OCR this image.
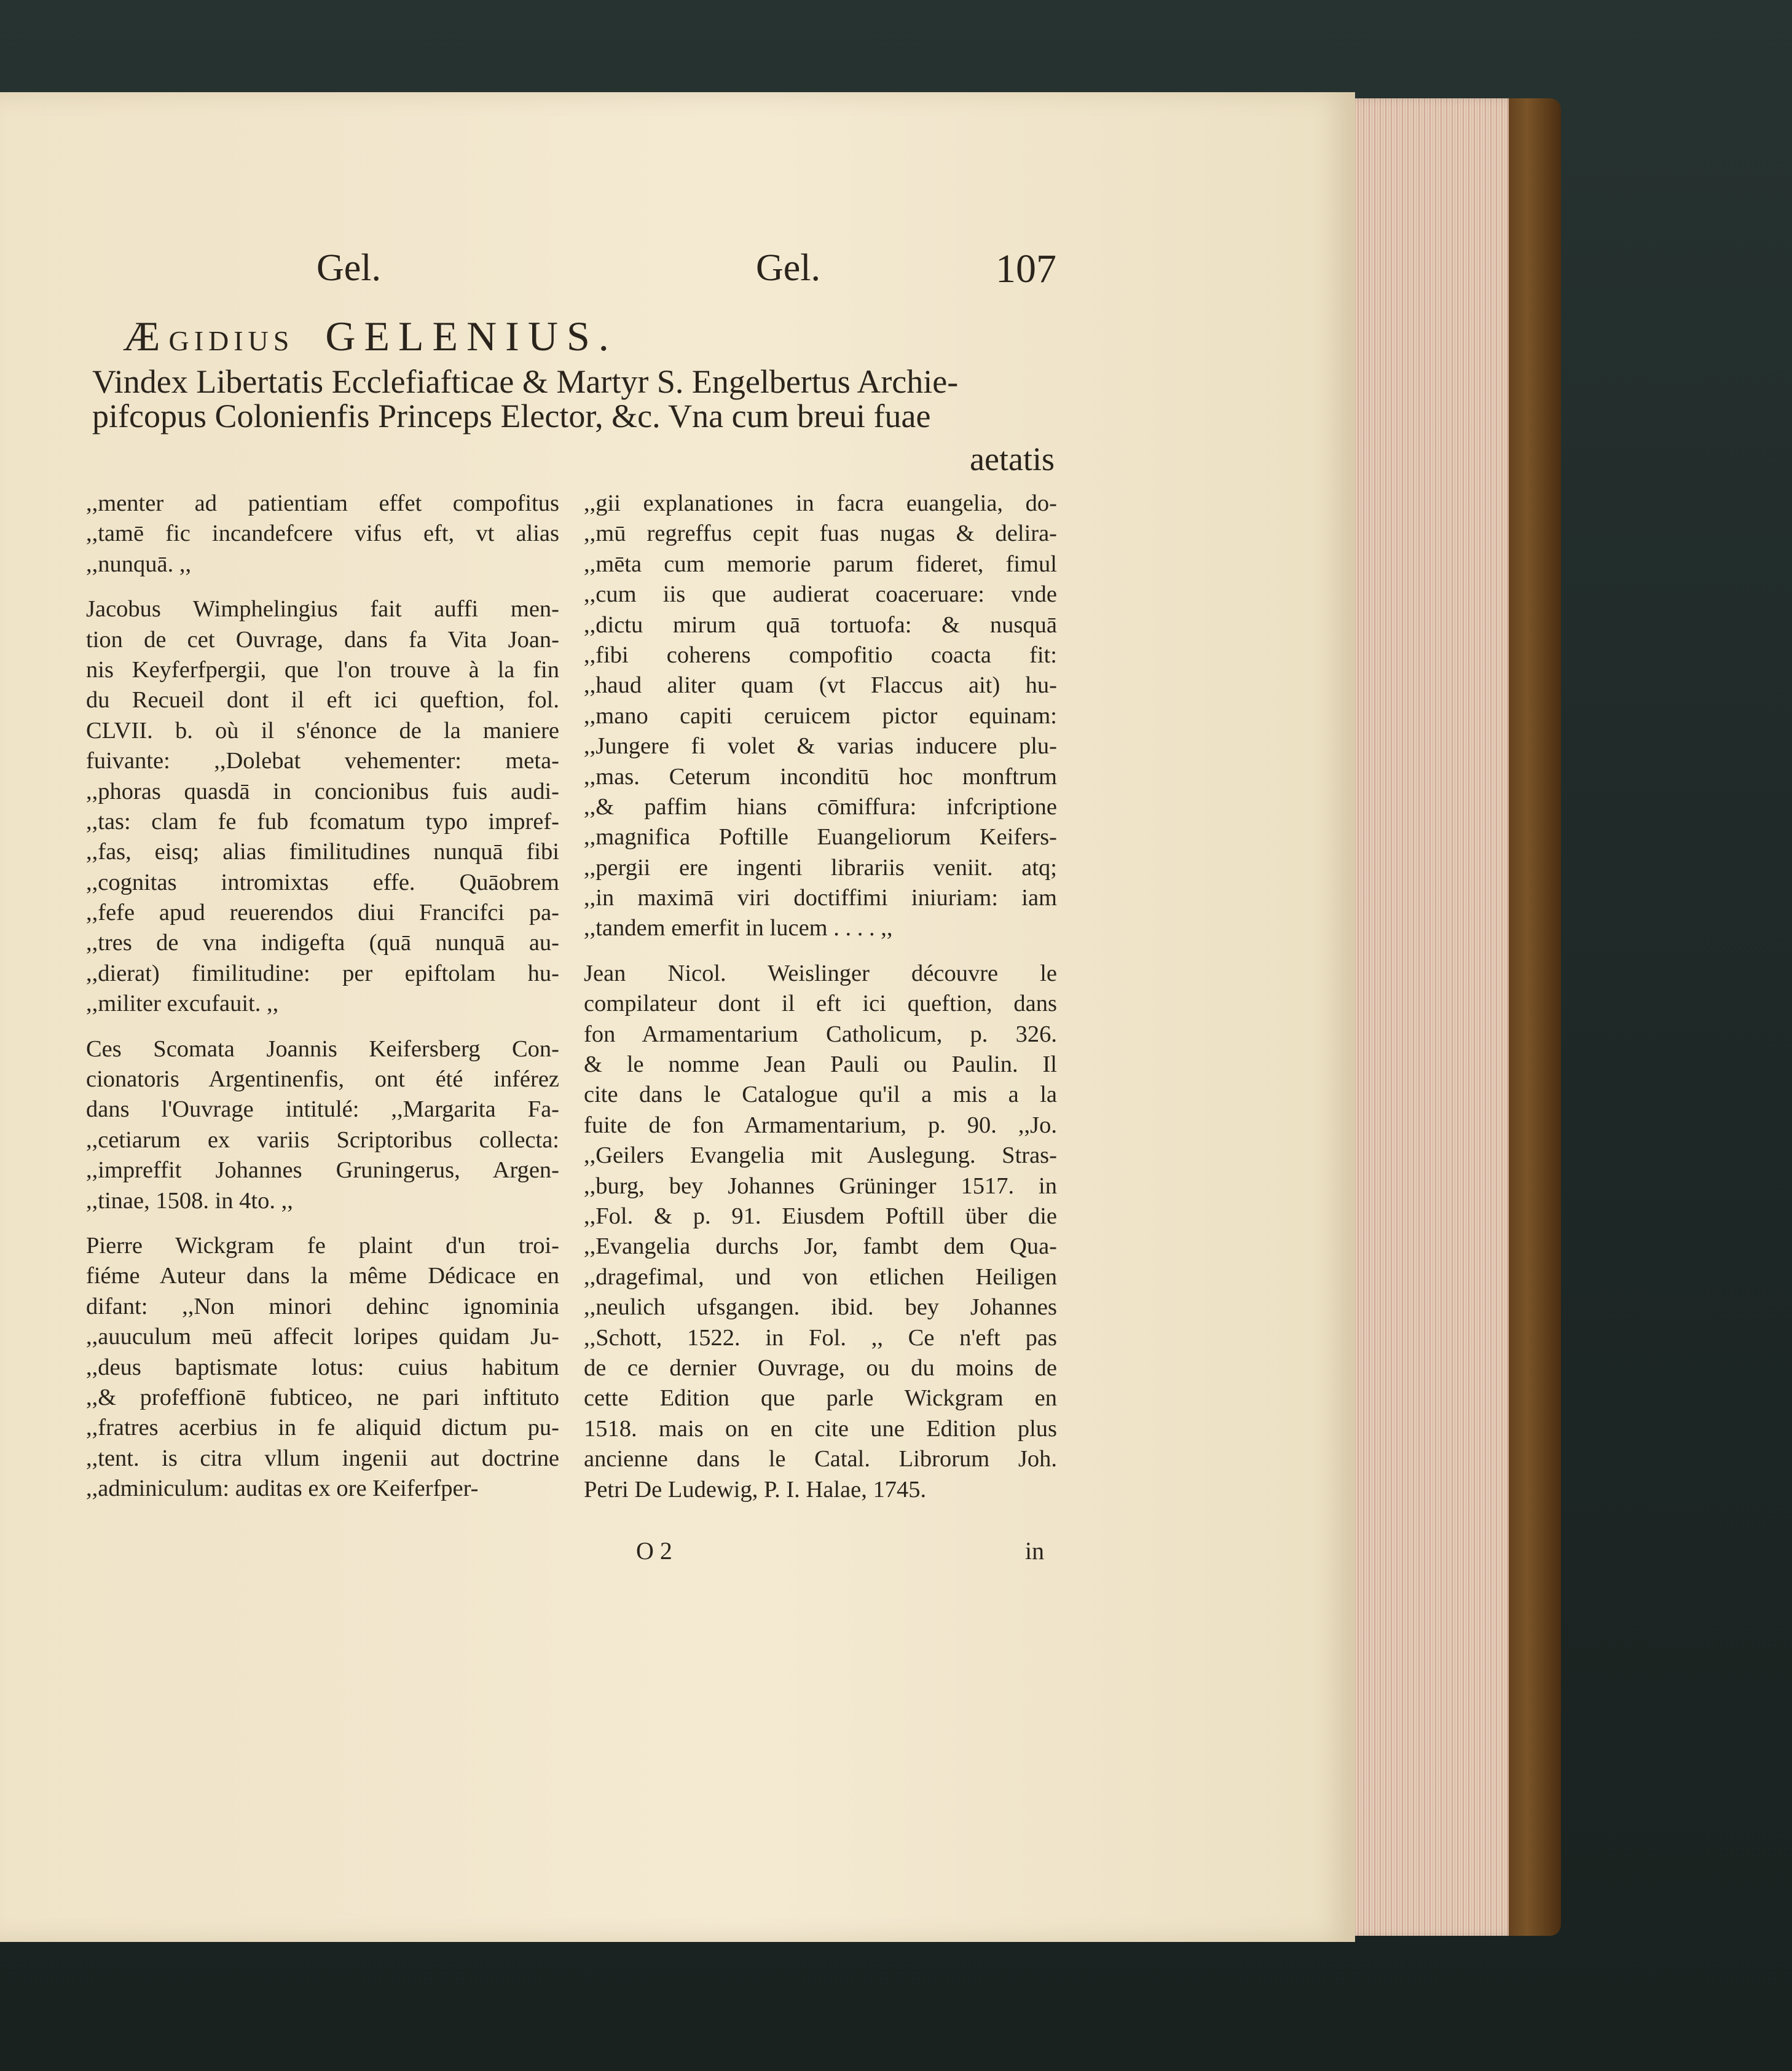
Gel.	Gel.	107
ÆGIDIUS GELENIUS.
Vindex Libertatis Ecclefiafticae & Martyr S. Engelbertus Archie-
pifcopus Colonienfis Princeps Elector, &c. Vna cum breui fuae
aetatis
,,menter ad patientiam effet compofitus
,,tamē fic incandefcere vifus eft, vt alias
,,nunquā. ,,
Jacobus Wimphelingius fait auffi men-
tion de cet Ouvrage, dans fa Vita Joan-
nis Keyferfpergii, que l'on trouve à la fin
du Recueil dont il eft ici queftion, fol.
CLVII. b. où il s'énonce de la maniere
fuivante: ,,Dolebat vehementer: meta-
,,phoras quasdā in concionibus fuis audi-
,,tas: clam fe fub fcomatum typo impref-
,,fas, eisq; alias fimilitudines nunquā fibi
,,cognitas intromixtas effe. Quāobrem
,,fefe apud reuerendos diui Francifci pa-
,,tres de vna indigefta (quā nunquā au-
,,dierat) fimilitudine: per epiftolam hu-
,,militer excufauit. ,,
Ces Scomata Joannis Keifersberg Con-
cionatoris Argentinenfis, ont été inférez
dans l'Ouvrage intitulé: ,,Margarita Fa-
,,cetiarum ex variis Scriptoribus collecta:
,,impreffit Johannes Gruningerus, Argen-
,,tinae, 1508. in 4to. ,,
Pierre Wickgram fe plaint d'un troi-
fiéme Auteur dans la même Dédicace en
difant: ,,Non minori dehinc ignominia
,,auuculum meū affecit loripes quidam Ju-
,,deus baptismate lotus: cuius habitum
,,& profeffionē fubticeo, ne pari inftituto
,,fratres acerbius in fe aliquid dictum pu-
,,tent. is citra vllum ingenii aut doctrine
,,adminiculum: auditas ex ore Keiferfper-
,,gii explanationes in facra euangelia, do-
,,mū regreffus cepit fuas nugas & delira-
,,mēta cum memorie parum fideret, fimul
,,cum iis que audierat coaceruare: vnde
,,dictu mirum quā tortuofa: & nusquā
,,fibi coherens compofitio coacta fit:
,,haud aliter quam (vt Flaccus ait) hu-
,,mano capiti ceruicem pictor equinam:
,,Jungere fi volet & varias inducere plu-
,,mas. Ceterum inconditū hoc monftrum
,,& paffim hians cōmiffura: infcriptione
,,magnifica Poftille Euangeliorum Keifers-
,,pergii ere ingenti librariis veniit. atq;
,,in maximā viri doctiffimi iniuriam: iam
,,tandem emerfit in lucem . . . . ,,
Jean Nicol. Weislinger découvre le
compilateur dont il eft ici queftion, dans
fon Armamentarium Catholicum, p. 326.
& le nomme Jean Pauli ou Paulin. Il
cite dans le Catalogue qu'il a mis a la
fuite de fon Armamentarium, p. 90. ,,Jo.
,,Geilers Evangelia mit Auslegung. Stras-
,,burg, bey Johannes Grüninger 1517. in
,,Fol. & p. 91. Eiusdem Poftill über die
,,Evangelia durchs Jor, fambt dem Qua-
,,dragefimal, und von etlichen Heiligen
,,neulich ufsgangen. ibid. bey Johannes
,,Schott, 1522. in Fol. ,, Ce n'eft pas
de ce dernier Ouvrage, ou du moins de
cette Edition que parle Wickgram en
1518. mais on en cite une Edition plus
ancienne dans le Catal. Librorum Joh.
Petri De Ludewig, P. I. Halae, 1745.
O 2	in
